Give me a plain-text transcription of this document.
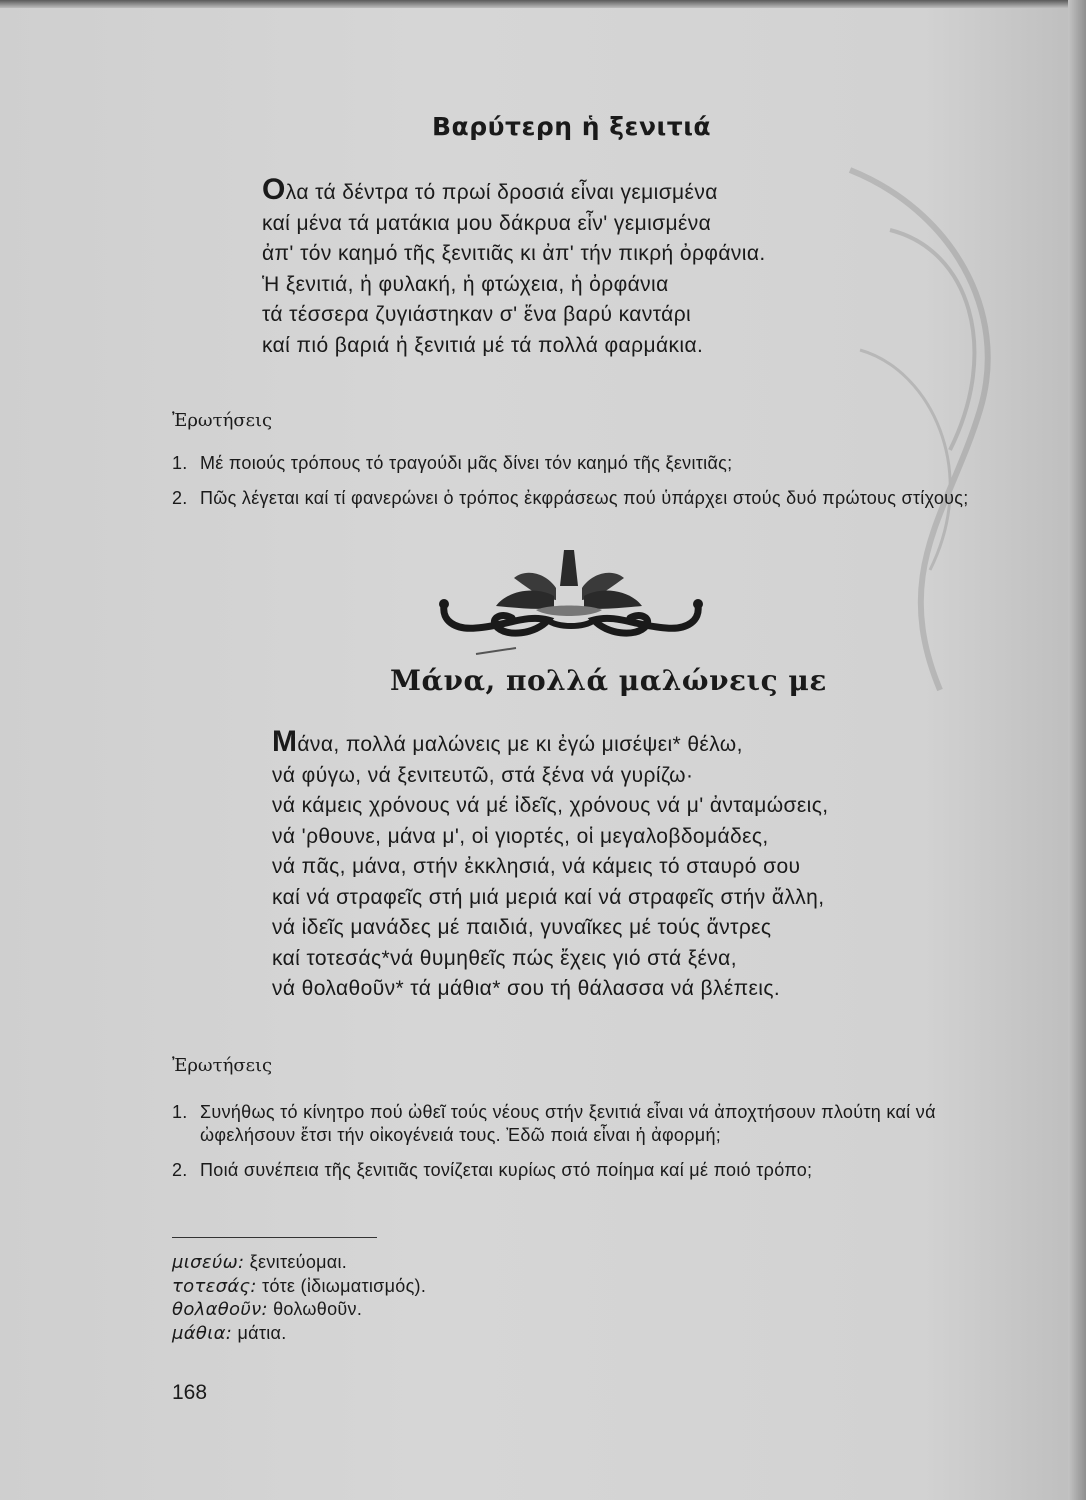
Βαρύτερη ἡ ξενιτιά
Ολα τά δέντρα τό πρωί δροσιά εἶναι γεμισμένα
καί μένα τά ματάκια μου δάκρυα εἶν' γεμισμένα
ἀπ' τόν καημό τῆς ξενιτιᾶς κι ἀπ' τήν πικρή ὀρφάνια.
Ἡ ξενιτιά, ἡ φυλακή, ἡ φτώχεια, ἡ ὀρφάνια
τά τέσσερα ζυγιάστηκαν σ' ἕνα βαρύ καντάρι
καί πιό βαριά ἡ ξενιτιά μέ τά πολλά φαρμάκια.
Ἐρωτήσεις
1. Μέ ποιούς τρόπους τό τραγούδι μᾶς δίνει τόν καημό τῆς ξενιτιᾶς;
2. Πῶς λέγεται καί τί φανερώνει ὁ τρόπος ἐκφράσεως πού ὑπάρχει στούς δυό πρώτους στίχους;
Μάνα, πολλά μαλώνεις με
Μάνα, πολλά μαλώνεις με κι ἐγώ μισέψει* θέλω,
νά φύγω, νά ξενιτευτῶ, στά ξένα νά γυρίζω·
νά κάμεις χρόνους νά μέ ἰδεῖς, χρόνους νά μ' ἀνταμώσεις,
νά 'ρθουνε, μάνα μ', οἱ γιορτές, οἱ μεγαλοβδομάδες,
νά πᾶς, μάνα, στήν ἐκκλησιά, νά κάμεις τό σταυρό σου
καί νά στραφεῖς στή μιά μεριά καί νά στραφεῖς στήν ἄλλη,
νά ἰδεῖς μανάδες μέ παιδιά, γυναῖκες μέ τούς ἄντρες
καί τοτεσάς*νά θυμηθεῖς πώς ἔχεις γιό στά ξένα,
νά θολαθοῦν* τά μάθια* σου τή θάλασσα νά βλέπεις.
Ἐρωτήσεις
1. Συνήθως τό κίνητρο πού ὠθεῖ τούς νέους στήν ξενιτιά εἶναι νά ἀποχτήσουν πλούτη καί νά ὠφελήσουν ἔτσι τήν οἰκογένειά τους. Ἐδῶ ποιά εἶναι ἡ ἀφορμή;
2. Ποιά συνέπεια τῆς ξενιτιᾶς τονίζεται κυρίως στό ποίημα καί μέ ποιό τρόπο;
μισεύω: ξενιτεύομαι.
τοτεσάς: τότε (ἰδιωματισμός).
θολαθοῦν: θολωθοῦν.
μάθια: μάτια.
168
